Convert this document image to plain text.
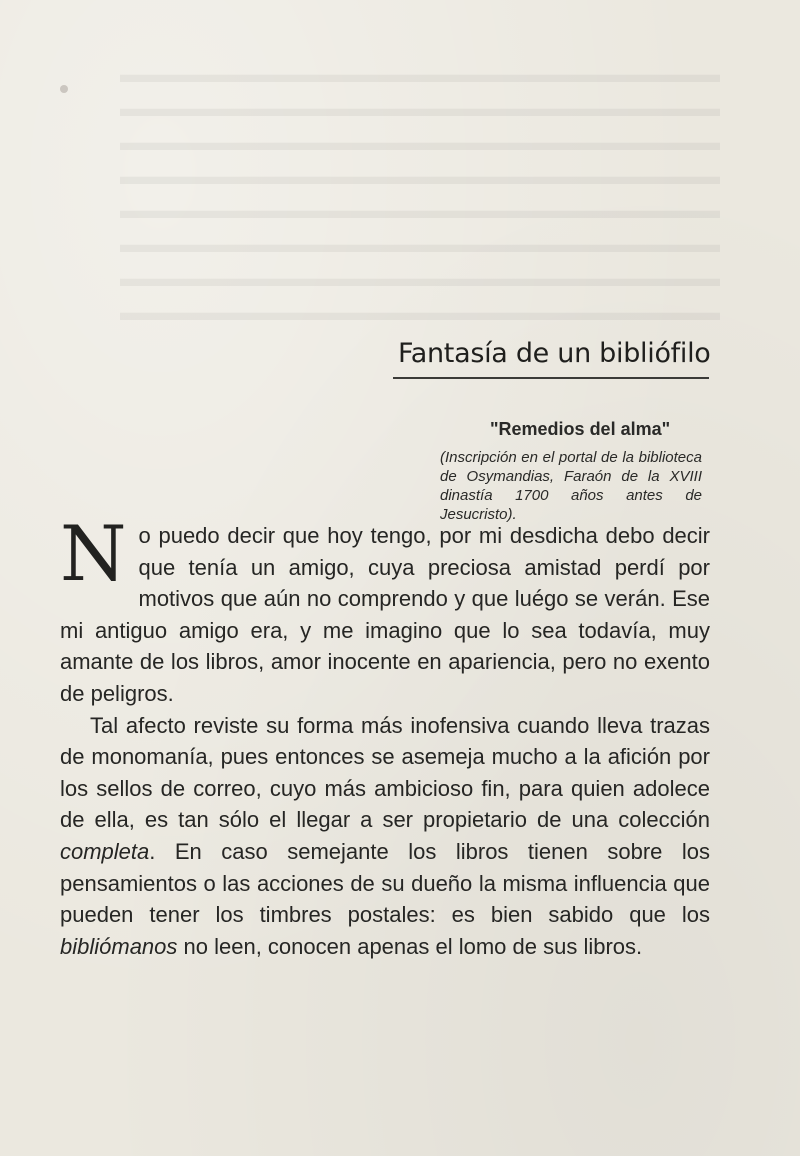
▬▬▬▬▬▬▬▬▬▬▬▬▬▬▬▬▬▬▬▬▬▬▬▬▬
▬▬▬▬▬▬▬▬▬▬▬▬▬▬▬▬▬▬▬▬▬▬▬▬▬
▬▬▬▬▬▬▬▬▬▬▬▬▬▬▬▬▬▬▬▬▬▬▬▬▬
▬▬▬▬▬▬▬▬▬▬▬▬▬▬▬▬▬▬▬▬▬▬▬▬▬
▬▬▬▬▬▬▬▬▬▬▬▬▬▬▬▬▬▬▬▬▬▬▬▬▬
▬▬▬▬▬▬▬▬▬▬▬▬▬▬▬▬▬▬▬▬▬▬▬▬▬
▬▬▬▬▬▬▬▬▬▬▬▬▬▬▬▬▬▬▬▬▬▬▬▬▬
▬▬▬▬▬▬▬▬▬▬▬▬▬▬▬▬▬▬▬▬▬▬▬▬▬
Fantasía de un bibliófilo
"Remedios del alma"
(Inscripción en el portal de la biblioteca de Osymandias, Faraón de la XVIII dinastía 1700 años antes de Jesucristo).

No puedo decir que hoy tengo, por mi desdicha debo decir que tenía un amigo, cuya preciosa amistad perdí por motivos que aún no comprendo y que luégo se verán. Ese mi antiguo amigo era, y me imagino que lo sea todavía, muy amante de los libros, amor inocente en apariencia, pero no exento de peligros.

Tal afecto reviste su forma más inofensiva cuando lleva trazas de monomanía, pues entonces se asemeja mucho a la afición por los sellos de correo, cuyo más ambicioso fin, para quien adolece de ella, es tan sólo el llegar a ser propietario de una colección completa. En caso semejante los libros tienen sobre los pensamientos o las acciones de su dueño la misma influencia que pueden tener los timbres postales: es bien sabido que los bibliómanos no leen, conocen apenas el lomo de sus libros.
